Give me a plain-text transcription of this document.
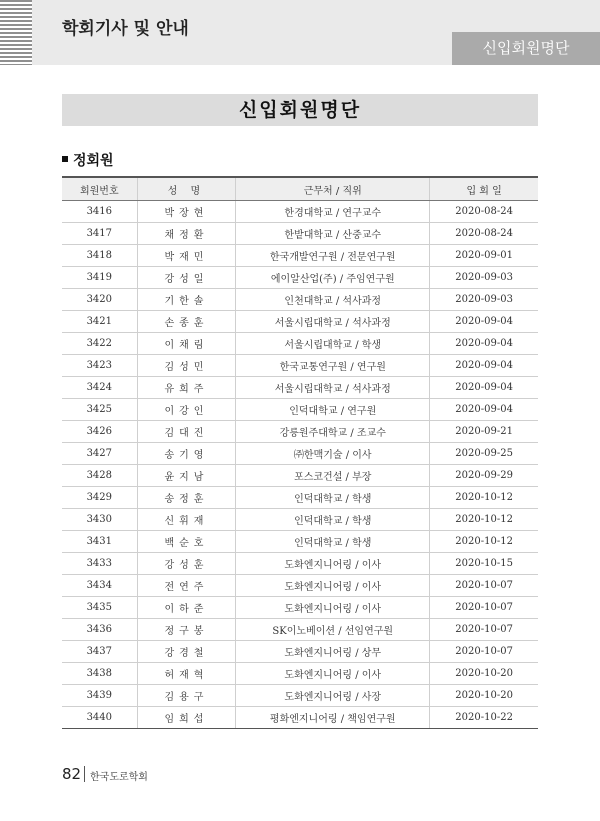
학회기사 및 안내
신입회원명단
신입회원명단
정회원
회원번호	성 명	근무처 / 직위	입 회 일
3416	박장현	한경대학교 / 연구교수	2020-08-24
3417	채정환	한밭대학교 / 산중교수	2020-08-24
3418	박재민	한국개발연구원 / 전문연구원	2020-09-01
3419	강성일	에이알산업(주) / 주임연구원	2020-09-03
3420	기한솔	인천대학교 / 석사과정	2020-09-03
3421	손종훈	서울시립대학교 / 석사과정	2020-09-04
3422	이채림	서울시립대학교 / 학생	2020-09-04
3423	김성민	한국교통연구원 / 연구원	2020-09-04
3424	유희주	서울시립대학교 / 석사과정	2020-09-04
3425	이강인	인덕대학교 / 연구원	2020-09-04
3426	김대진	강릉원주대학교 / 조교수	2020-09-21
3427	송기영	㈜한맥기술 / 이사	2020-09-25
3428	윤지남	포스코건설 / 부장	2020-09-29
3429	송정훈	인덕대학교 / 학생	2020-10-12
3430	신휘재	인덕대학교 / 학생	2020-10-12
3431	백순호	인덕대학교 / 학생	2020-10-12
3433	강성훈	도화엔지니어링 / 이사	2020-10-15
3434	전연주	도화엔지니어링 / 이사	2020-10-07
3435	이하준	도화엔지니어링 / 이사	2020-10-07
3436	정구봉	SK이노베이션 / 선임연구원	2020-10-07
3437	강경철	도화엔지니어링 / 상무	2020-10-07
3438	허재혁	도화엔지니어링 / 이사	2020-10-20
3439	김용구	도화엔지니어링 / 사장	2020-10-20
3440	임희섭	평화엔지니어링 / 책임연구원	2020-10-22
82 한국도로학회
